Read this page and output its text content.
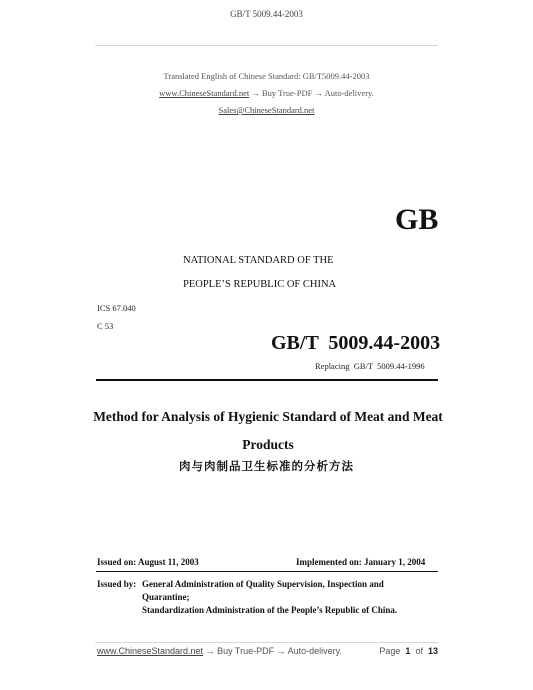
GB/T 5009.44-2003
Translated English of Chinese Standard: GB/T5009.44-2003
www.ChineseStandard.net → Buy True-PDF → Auto-delivery.
Sales@ChineseStandard.net
GB
NATIONAL STANDARD OF THE
PEOPLE’S REPUBLIC OF CHINA
ICS 67.040
C 53
GB/T  5009.44-2003
Replacing  GB/T  5009.44-1996
Method for Analysis of Hygienic Standard of Meat and Meat
Products
肉与肉制品卫生标准的分析方法
Issued on: August 11, 2003	Implemented on: January 1, 2004
Issued by: General Administration of Quality Supervision, Inspection and
Quarantine;
Standardization Administration of the People’s Republic of China.
www.ChineseStandard.net → Buy True-PDF → Auto-delivery.	Page 1 of 13
